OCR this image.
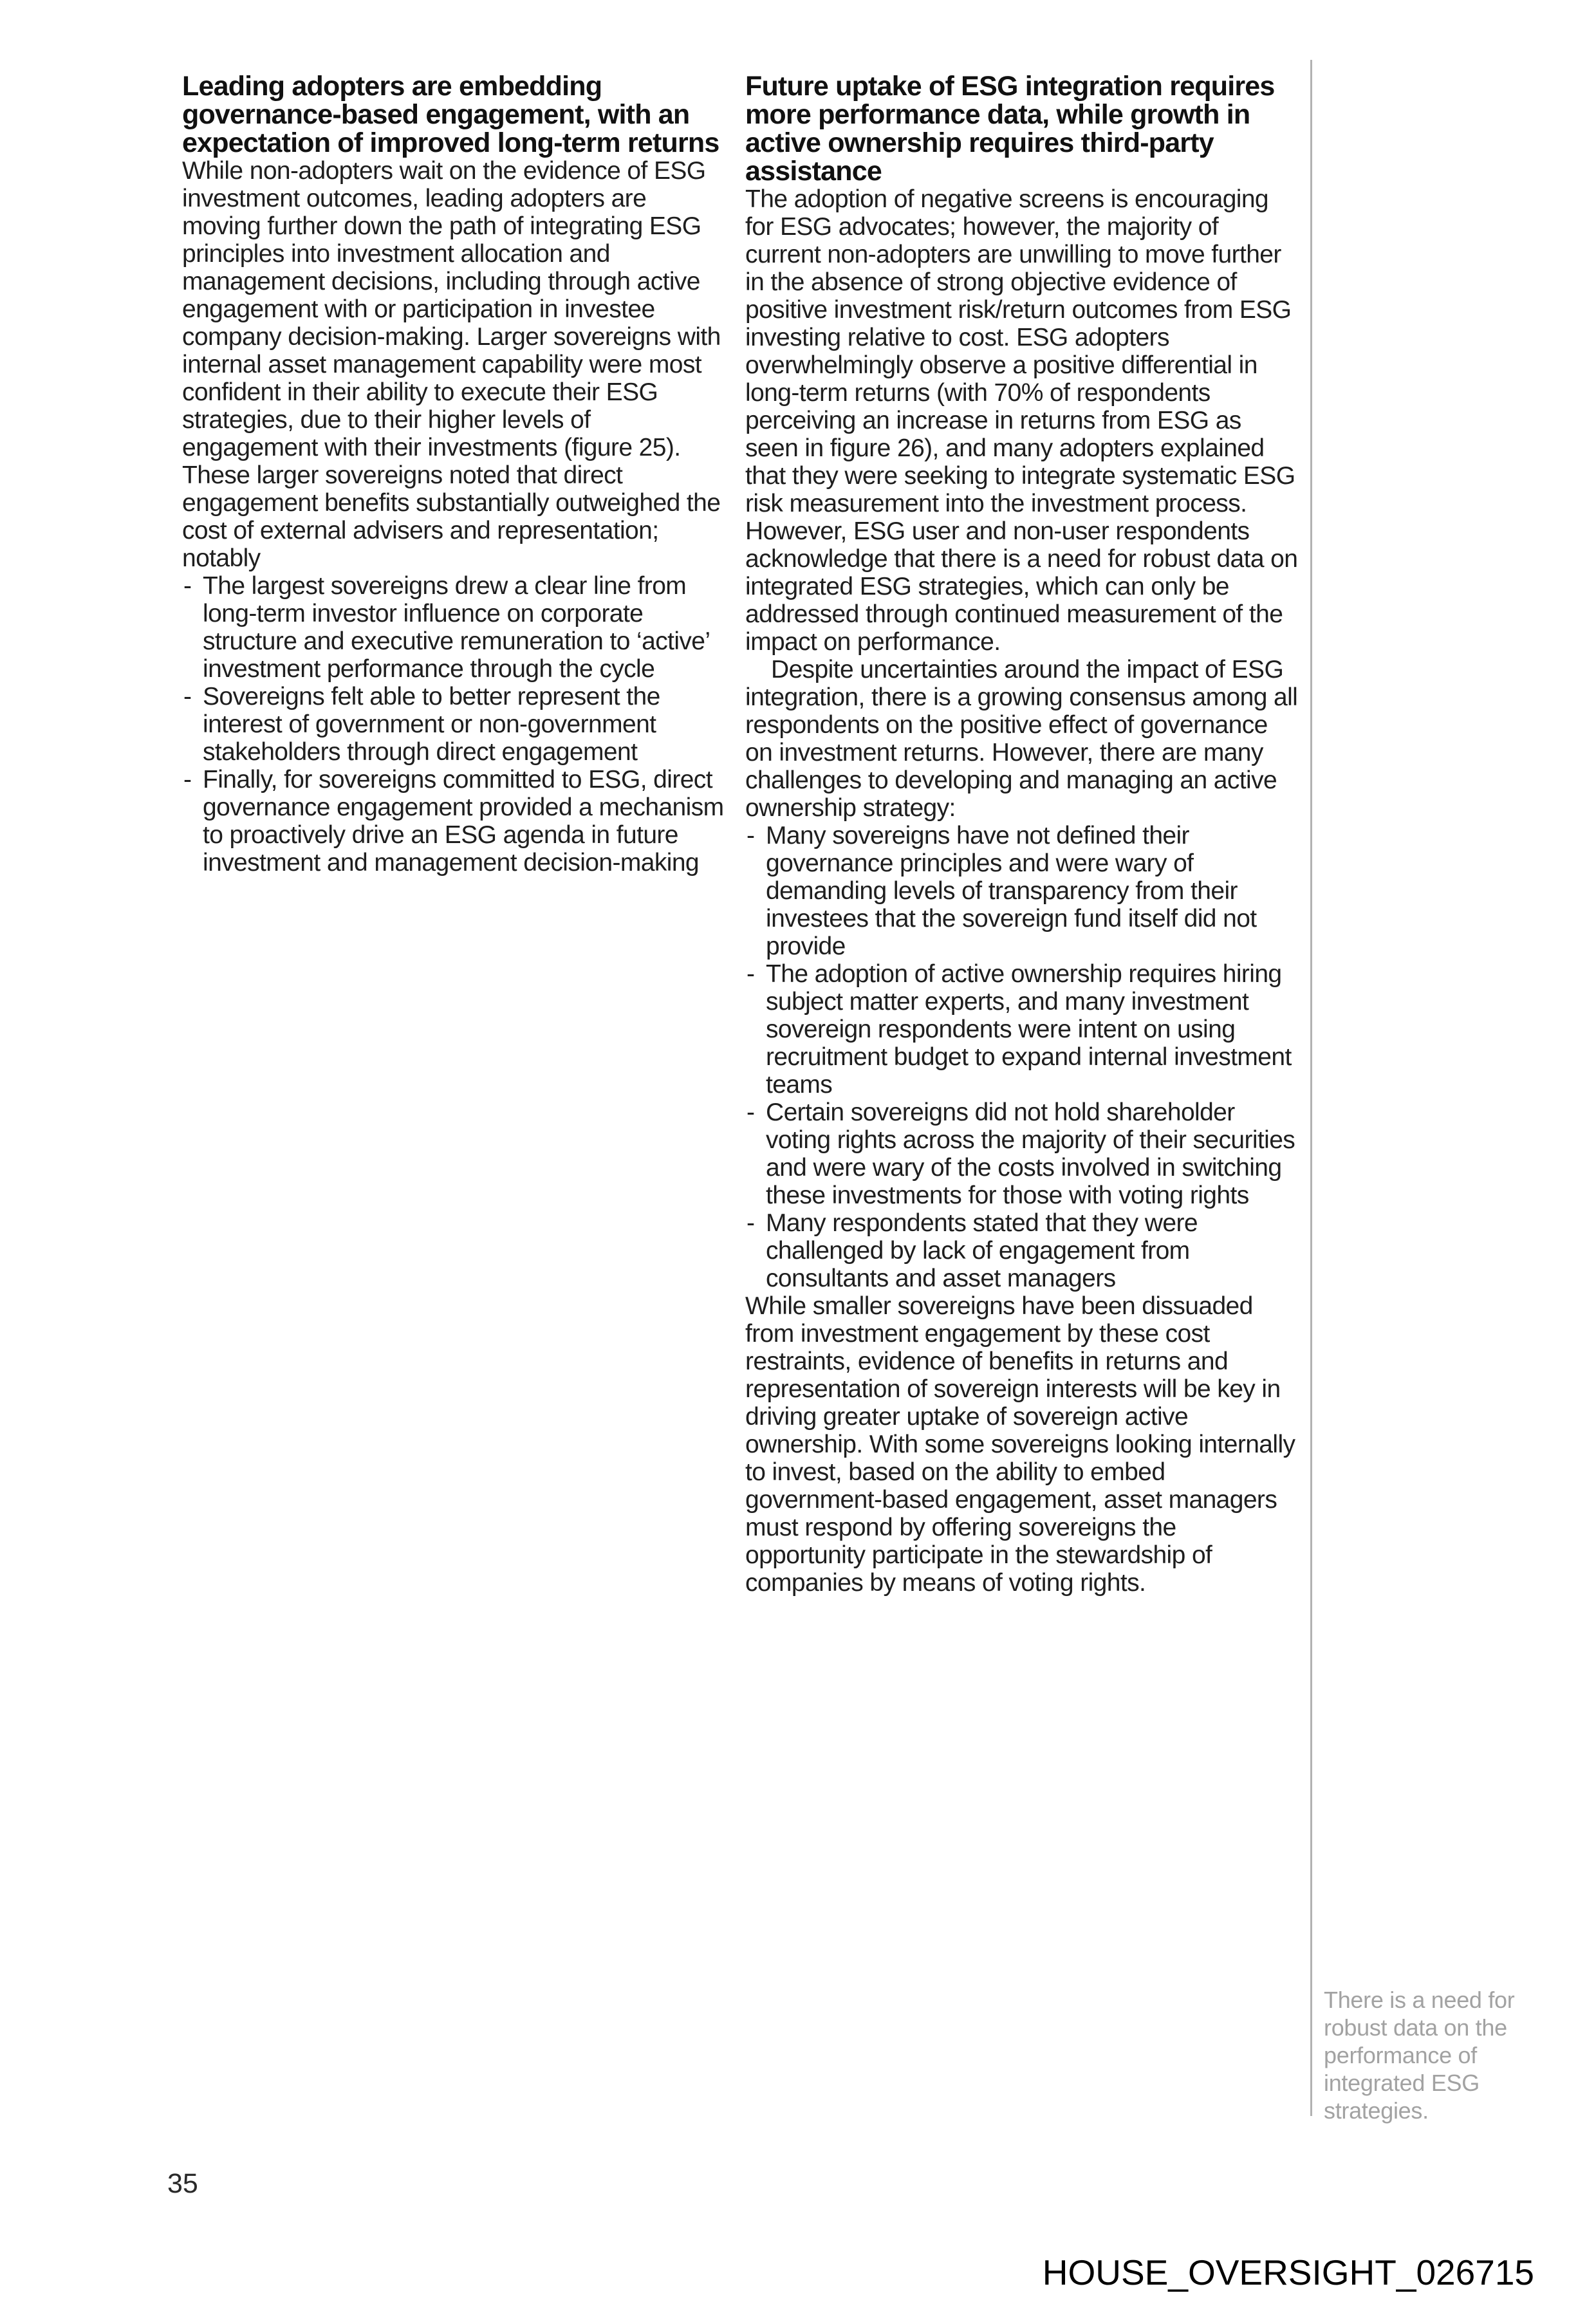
Leading adopters are embedding governance-based engagement, with an expectation of improved long-term returns

While non-adopters wait on the evidence of ESG investment outcomes, leading adopters are moving further down the path of integrating ESG principles into investment allocation and management decisions, including through active engagement with or participation in investee company decision-making. Larger sovereigns with internal asset management capability were most confident in their ability to execute their ESG strategies, due to their higher levels of engagement with their investments (figure 25). These larger sovereigns noted that direct engagement benefits substantially outweighed the cost of external advisers and representation; notably

- The largest sovereigns drew a clear line from long-term investor influence on corporate structure and executive remuneration to ‘active’ investment performance through the cycle
- Sovereigns felt able to better represent the interest of government or non-government stakeholders through direct engagement
- Finally, for sovereigns committed to ESG, direct governance engagement provided a mechanism to proactively drive an ESG agenda in future investment and management decision-making
Future uptake of ESG integration requires more performance data, while growth in active ownership requires third-party assistance

The adoption of negative screens is encouraging for ESG advocates; however, the majority of current non-adopters are unwilling to move further in the absence of strong objective evidence of positive investment risk/return outcomes from ESG investing relative to cost. ESG adopters overwhelmingly observe a positive differential in long-term returns (with 70% of respondents perceiving an increase in returns from ESG as seen in figure 26), and many adopters explained that they were seeking to integrate systematic ESG risk measurement into the investment process. However, ESG user and non-user respondents acknowledge that there is a need for robust data on integrated ESG strategies, which can only be addressed through continued measurement of the impact on performance.

Despite uncertainties around the impact of ESG integration, there is a growing consensus among all respondents on the positive effect of governance on investment returns. However, there are many challenges to developing and managing an active ownership strategy:

- Many sovereigns have not defined their governance principles and were wary of demanding levels of transparency from their investees that the sovereign fund itself did not provide
- The adoption of active ownership requires hiring subject matter experts, and many investment sovereign respondents were intent on using recruitment budget to expand internal investment teams
- Certain sovereigns did not hold shareholder voting rights across the majority of their securities and were wary of the costs involved in switching these investments for those with voting rights
- Many respondents stated that they were challenged by lack of engagement from consultants and asset managers

While smaller sovereigns have been dissuaded from investment engagement by these cost restraints, evidence of benefits in returns and representation of sovereign interests will be key in driving greater uptake of sovereign active ownership. With some sovereigns looking internally to invest, based on the ability to embed government-based engagement, asset managers must respond by offering sovereigns the opportunity participate in the stewardship of companies by means of voting rights.

There is a need for robust data on the performance of integrated ESG strategies.
35
HOUSE_OVERSIGHT_026715
